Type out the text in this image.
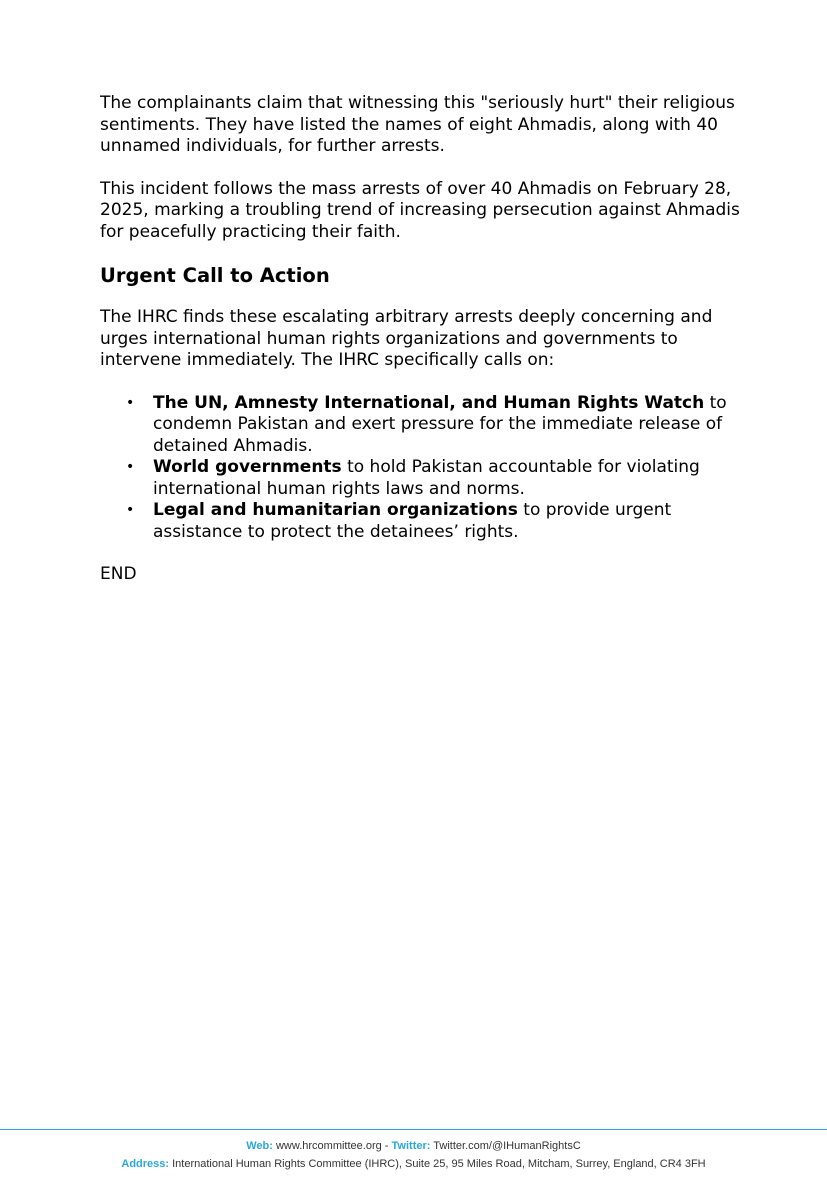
The complainants claim that witnessing this "seriously hurt" their religious sentiments. They have listed the names of eight Ahmadis, along with 40 unnamed individuals, for further arrests.

This incident follows the mass arrests of over 40 Ahmadis on February 28, 2025, marking a troubling trend of increasing persecution against Ahmadis for peacefully practicing their faith.

Urgent Call to Action

The IHRC finds these escalating arbitrary arrests deeply concerning and urges international human rights organizations and governments to intervene immediately. The IHRC specifically calls on:

• The UN, Amnesty International, and Human Rights Watch to condemn Pakistan and exert pressure for the immediate release of detained Ahmadis.
• World governments to hold Pakistan accountable for violating international human rights laws and norms.
• Legal and humanitarian organizations to provide urgent assistance to protect the detainees’ rights.

END

Web: www.hrcommittee.org - Twitter: Twitter.com/@IHumanRightsC
Address: International Human Rights Committee (IHRC), Suite 25, 95 Miles Road, Mitcham, Surrey, England, CR4 3FH
